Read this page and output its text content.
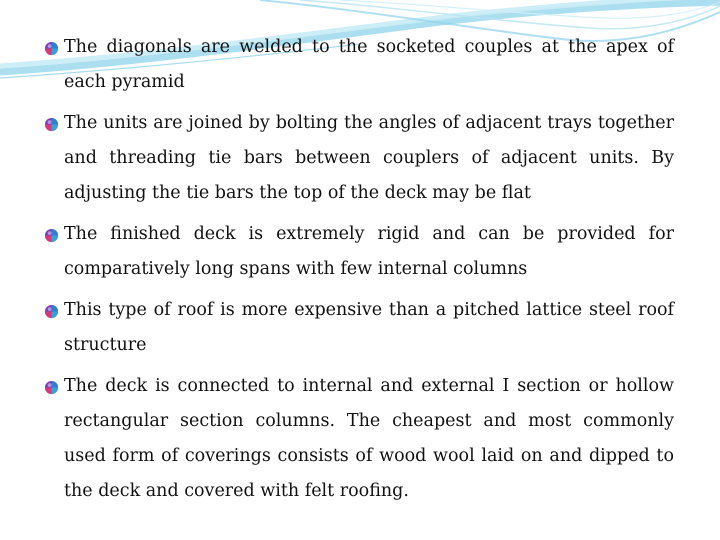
The diagonals are welded to the socketed couples at the apex of each pyramid
The units are joined by bolting the angles of adjacent trays together and threading tie bars between couplers of adjacent units. By adjusting the tie bars the top of the deck may be flat
The finished deck is extremely rigid and can be provided for comparatively long spans with few internal columns
This type of roof is more expensive than a pitched lattice steel roof structure
The deck is connected to internal and external I section or hollow rectangular section columns. The cheapest and most commonly used form of coverings consists of wood wool laid on and dipped to the deck and covered with felt roofing.
